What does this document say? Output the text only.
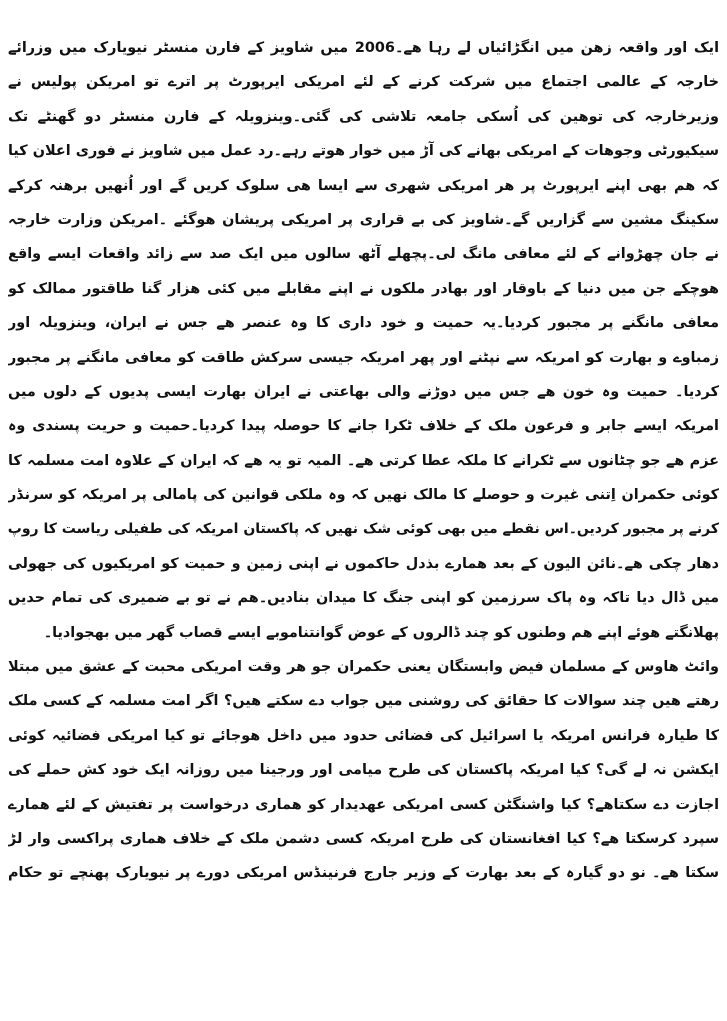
ایک اور واقعہ زھن میں انگڑائیاں لے رہا ھے۔2006 میں شاویز کے فارن منسٹر نیویارک میں وزرائے
خارجہ کے عالمی اجتماع میں شرکت کرنے کے لئے امریکی ایرپورٹ پر اترے تو امریکن پولیس نے
وزیرخارجہ کی توھین کی اُسکی جامعہ تلاشی کی گئی۔وینزویلہ کے فارن منسٹر دو گھنٹے تک
سیکیورٹی وجوھات کے امریکی بھانے کی آڑ میں خوار ھوتے رہے۔رد عمل میں شاویز نے فوری اعلان کیا
کہ ھم بھی اپنے ایرپورٹ پر ھر امریکی شھری سے ایسا ھی سلوک کریں گے اور اُنھیں برھنہ کرکے
سکینگ مشین سے گزاریں گے۔شاویز کی بے قراری پر امریکی پریشان ھوگئے ۔امریکن وزارت خارجہ
نے جان چھڑوانے کے لئے معافی مانگ لی۔پچھلے آٹھ سالوں میں ایک صد سے زائد واقعات ایسے واقع
ھوچکے جن میں دنیا کے باوقار اور بھادر ملکوں نے اپنے مقابلے میں کئی ھزار گنا طاقتور ممالک کو
معافی مانگنے پر مجبور کردیا۔یہ حمیت و خود داری کا وہ عنصر ھے جس نے ایران، وینزویلہ اور
زمباوے و بھارت کو امریکہ سے نپٹنے اور پھر امریکہ جیسی سرکش طاقت کو معافی مانگنے پر مجبور
کردیا۔ حمیت وہ خون ھے جس میں دوڑنے والی بھاعتی نے ایران بھارت ایسی پدیوں کے دلوں میں
امریکہ ایسے جابر و فرعون ملک کے خلاف ٹکرا جانے کا حوصلہ پیدا کردیا۔حمیت و حریت پسندی وہ
عزم ھے جو چٹانوں سے ٹکرانے کا ملکہ عطا کرتی ھے۔ المیہ تو یہ ھے کہ ایران کے علاوہ امت مسلمہ کا
کوئی حکمران اِتنی غیرت و حوصلے کا مالک نھیں کہ وہ ملکی قوانین کی پامالی پر امریکہ کو سرنڈر
کرنے پر مجبور کردیں۔اس نقطے میں بھی کوئی شک نھیں کہ پاکستان امریکہ کی طفیلی ریاست کا روپ
دھار چکی ھے۔نائن الیون کے بعد ھمارے بذدل حاکموں نے اپنی زمین و حمیت کو امریکیوں کی جھولی
میں ڈال دیا تاکہ وہ پاک سرزمین کو اپنی جنگ کا میدان بنادیں۔ھم نے تو بے ضمیری کی تمام حدیں
پھلانگتے ھوئے اپنے ھم وطنوں کو چند ڈالروں کے عوض گوانتناموبے ایسے قصاب گھر میں بھجوادیا۔
وائٹ ھاوس کے مسلمان فیض وابستگان یعنی حکمران جو ھر وقت امریکی محبت کے عشق میں مبتلا
رھتے ھیں چند سوالات کا حقائق کی روشنی میں جواب دے سکتے ھیں؟ اگر امت مسلمہ کے کسی ملک
کا طیارہ فرانس امریکہ یا اسرائیل کی فضائی حدود میں داخل ھوجائے تو کیا امریکی فضائیہ کوئی
ایکشن نہ لے گی؟ کیا امریکہ پاکستان کی طرح میامی اور ورجینا میں روزانہ ایک خود کش حملے کی
اجازت دے سکتاھے؟ کیا واشنگٹن کسی امریکی عھدیدار کو ھماری درخواست پر تفتیش کے لئے ھمارے
سپرد کرسکتا ھے؟ کیا افغانستان کی طرح امریکہ کسی دشمن ملک کے خلاف ھماری پراکسی وار لڑ
سکتا ھے۔ نو دو گیارہ کے بعد بھارت کے وزیر جارج فرنینڈس امریکی دورے پر نیویارک پھنچے تو حکام
